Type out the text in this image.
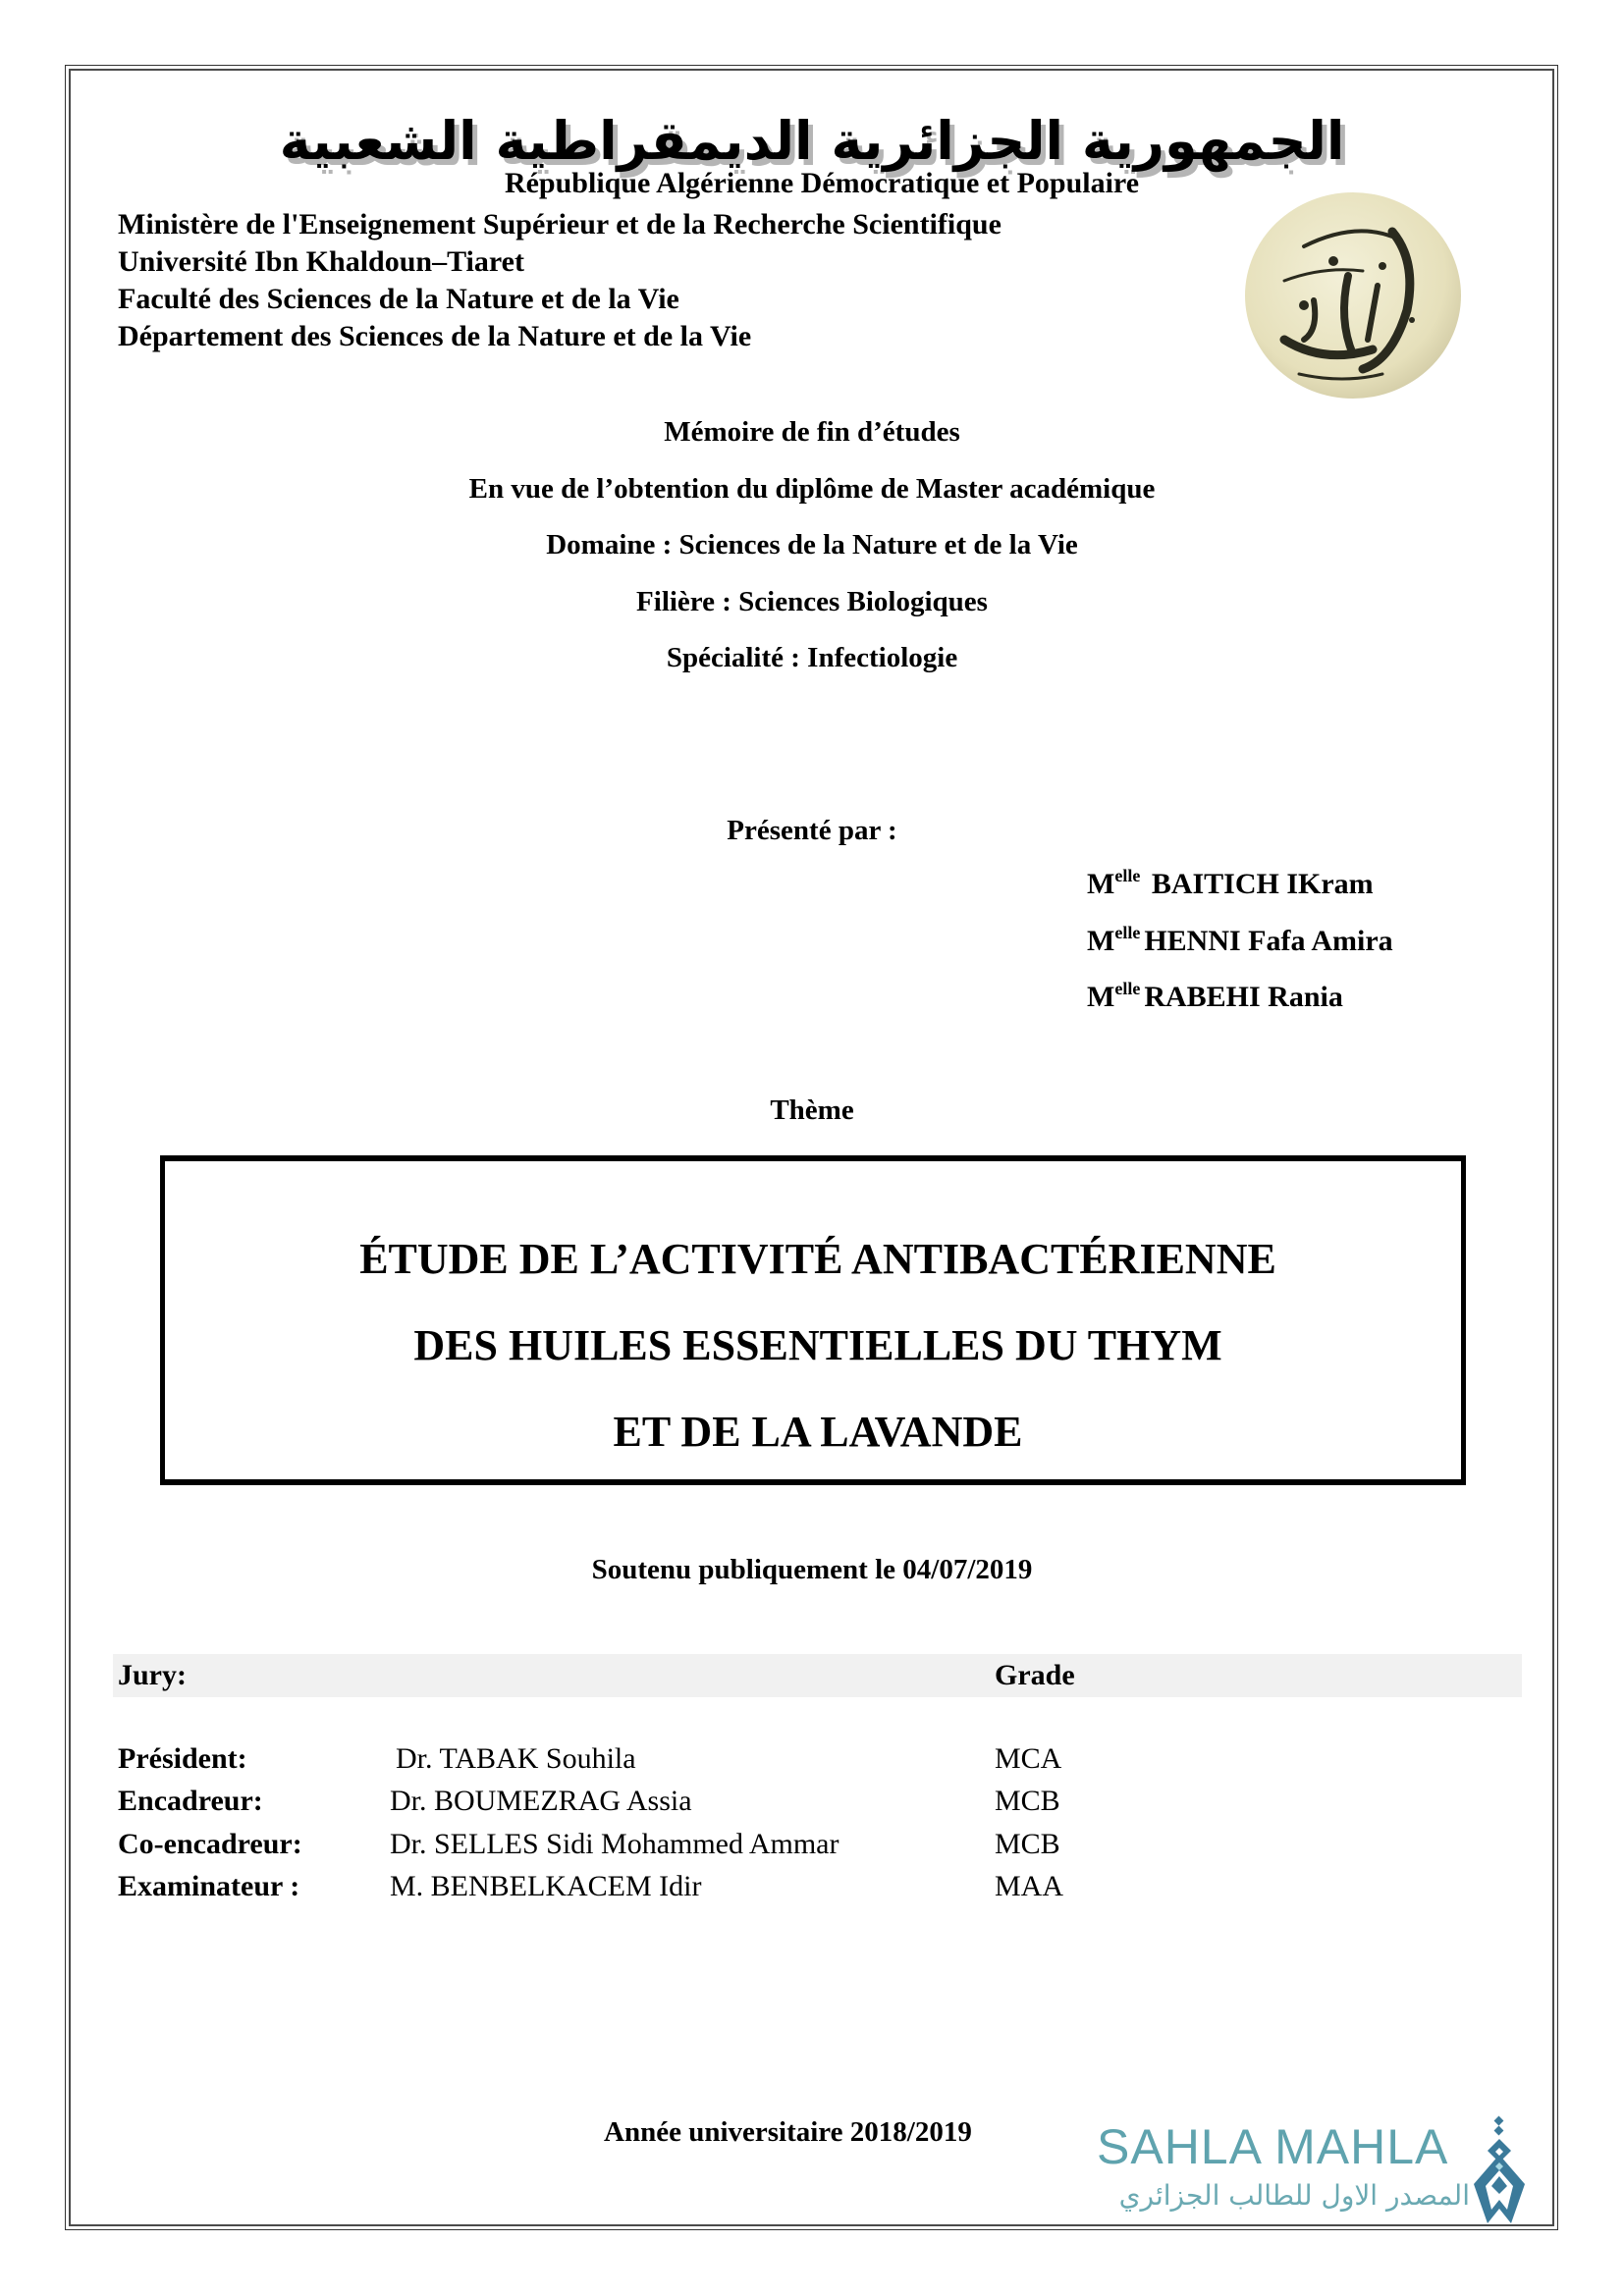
الجمهورية الجزائرية الديمقراطية الشعبية
République Algérienne Démocratique et Populaire
Ministère de l'Enseignement Supérieur et de la Recherche Scientifique
Université Ibn Khaldoun–Tiaret
Faculté des Sciences de la Nature et de la Vie
Département des Sciences de la Nature et de la Vie
Mémoire de fin d’études
En vue de l’obtention du diplôme de Master académique
Domaine : Sciences de la Nature et de la Vie
Filière : Sciences Biologiques
Spécialité : Infectiologie
Présenté par :
$M^{elle}$ BAITICH IKram
$M^{elle}$ HENNI Fafa Amira
$M^{elle}$ RABEHI Rania
Thème
ÉTUDE DE L’ACTIVITÉ ANTIBACTÉRIENNE
DES HUILES ESSENTIELLES DU THYM
ET DE LA LAVANDE
Soutenu publiquement le 04/07/2019
Jury:	Grade
Président:	Dr. TABAK Souhila	MCA
Encadreur:	Dr. BOUMEZRAG Assia	MCB
Co-encadreur:	Dr. SELLES Sidi Mohammed Ammar	MCB
Examinateur :	M. BENBELKACEM Idir	MAA
Année universitaire 2018/2019	SAHLA MAHLA
المصدر الاول للطالب الجزائري
